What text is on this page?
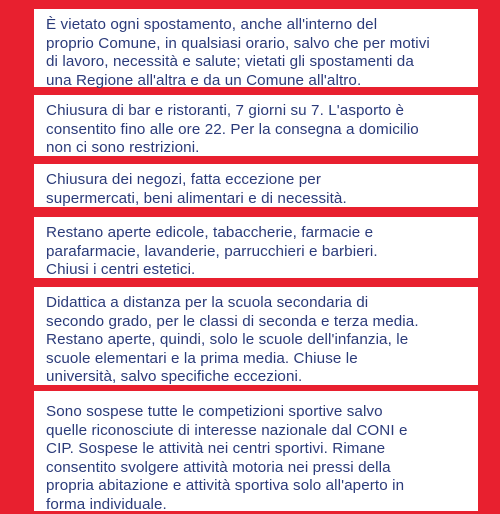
È vietato ogni spostamento, anche all'interno del
proprio Comune, in qualsiasi orario, salvo che per motivi
di lavoro, necessità e salute; vietati gli spostamenti da
una Regione all'altra e da un Comune all'altro.

Chiusura di bar e ristoranti, 7 giorni su 7. L'asporto è
consentito fino alle ore 22. Per la consegna a domicilio
non ci sono restrizioni.

Chiusura dei negozi, fatta eccezione per
supermercati, beni alimentari e di necessità.

Restano aperte edicole, tabaccherie, farmacie e
parafarmacie, lavanderie, parrucchieri e barbieri.
Chiusi i centri estetici.

Didattica a distanza per la scuola secondaria di
secondo grado, per le classi di seconda e terza media.
Restano aperte, quindi, solo le scuole dell'infanzia, le
scuole elementari e la prima media. Chiuse le
università, salvo specifiche eccezioni.

Sono sospese tutte le competizioni sportive salvo
quelle riconosciute di interesse nazionale dal CONI e
CIP. Sospese le attività nei centri sportivi. Rimane
consentito svolgere attività motoria nei pressi della
propria abitazione e attività sportiva solo all'aperto in
forma individuale.
